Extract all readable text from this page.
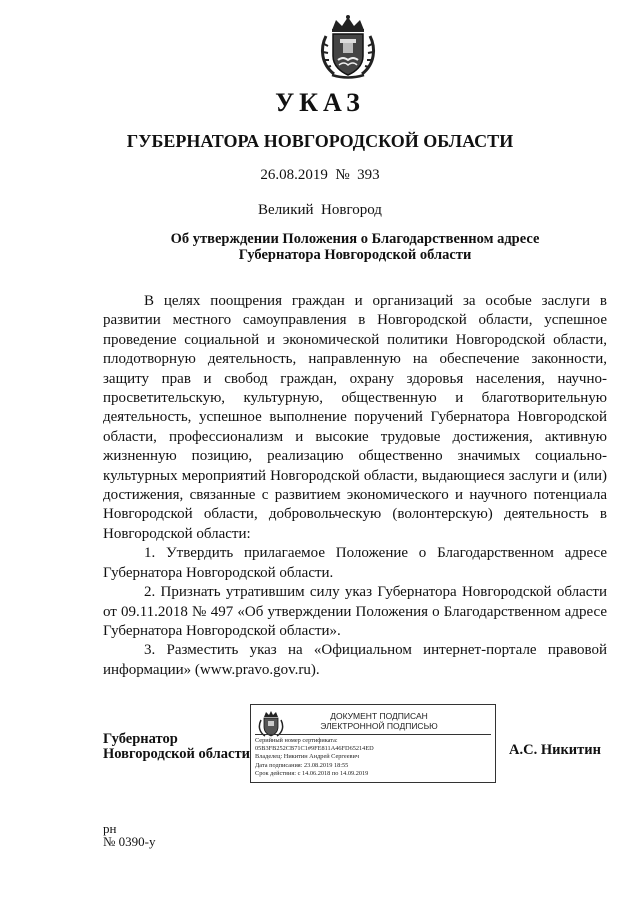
УКАЗ
ГУБЕРНАТОРА НОВГОРОДСКОЙ ОБЛАСТИ
26.08.2019  №  393
Великий  Новгород
Об утверждении Положения о Благодарственном адресе
Губернатора Новгородской области

В целях поощрения граждан и организаций за особые заслуги в развитии местного самоуправления в Новгородской области, успешное проведение социальной и экономической политики Новгородской области, плодотворную деятельность, направленную на обеспечение законности, защиту прав и свобод граждан, охрану здоровья населения, научно-просветительскую, культурную, общественную и благотворительную деятельность, успешное выполнение поручений Губернатора Новгородской области, профессионализм и высокие трудовые достижения, активную жизненную позицию, реализацию общественно значимых социально-культурных мероприятий Новгородской области, выдающиеся заслуги и (или) достижения, связанные с развитием экономического и научного потенциала Новгородской области, добровольческую (волонтерскую) деятельность в Новгородской области:

1. Утвердить прилагаемое Положение о Благодарственном адресе Губернатора Новгородской области.

2. Признать утратившим силу указ Губернатора Новгородской области от 09.11.2018 № 497 «Об утверждении Положения о Благодарственном адресе Губернатора Новгородской области».

3. Разместить указ на «Официальном интернет-портале правовой информации» (www.pravo.gov.ru).

Губернатор
Новгородской области
ДОКУМЕНТ ПОДПИСАН
ЭЛЕКТРОННОЙ ПОДПИСЬЮ
Серийный номер сертификата:
05B3FB252CB71C1#9FE811A46FD65214ED
Владелец: Никитин Андрей Сергеевич
Дата подписания: 23.08.2019 18:55
Срок действия: с 14.06.2018 по 14.09.2019
А.С. Никитин
рн
№ 0390-у
